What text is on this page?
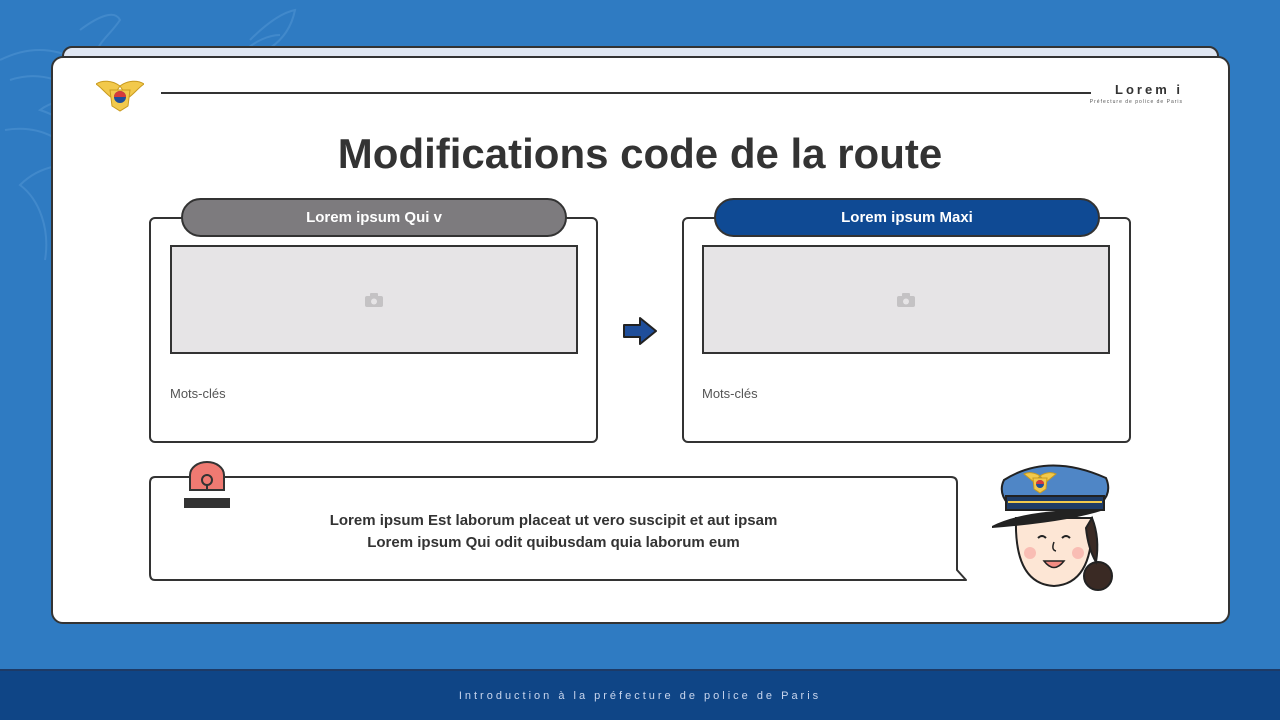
Lorem i
Préfecture de police de Paris
Modifications code de la route
Lorem ipsum Qui v
Mots-clés
Lorem ipsum Maxi
Mots-clés
Lorem ipsum Est laborum placeat ut vero suscipit et aut ipsam
Lorem ipsum Qui odit quibusdam quia laborum eum
Introduction à la préfecture de police de Paris
